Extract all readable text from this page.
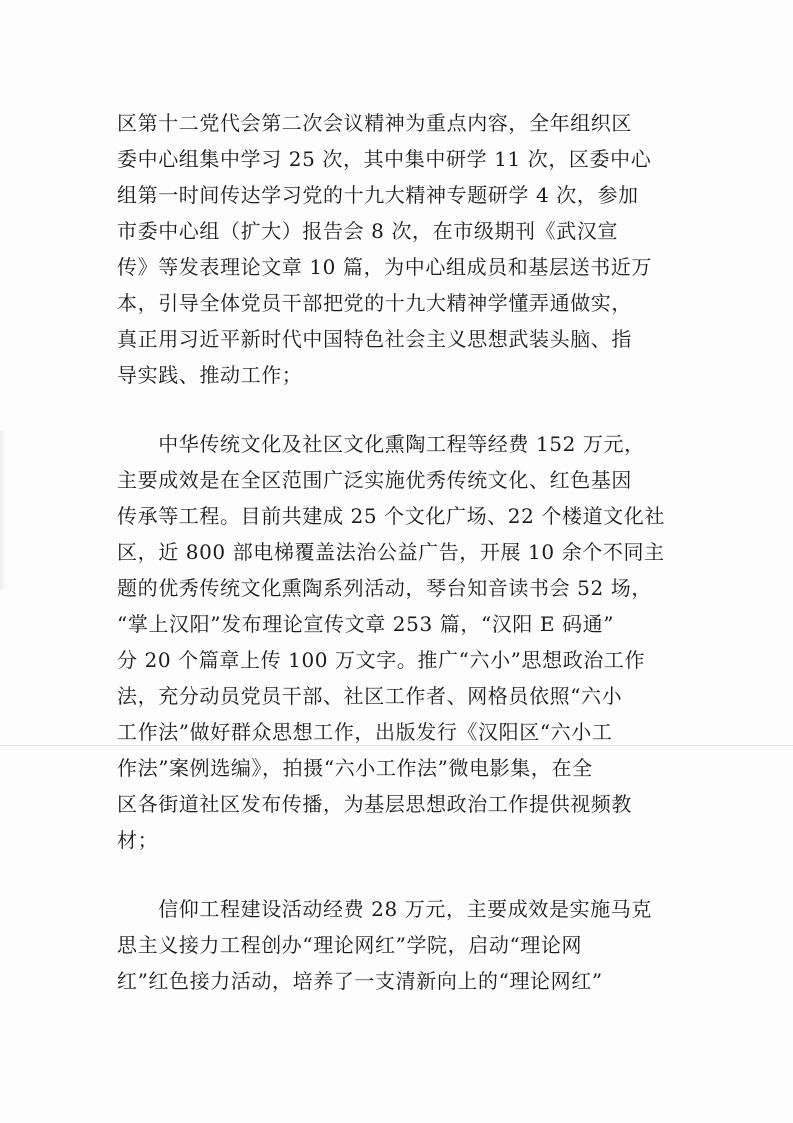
区第十二党代会第二次会议精神为重点内容，全年组织区
委中心组集中学习 25 次，其中集中研学 11 次，区委中心
组第一时间传达学习党的十九大精神专题研学 4 次，参加
市委中心组（扩大）报告会 8 次，在市级期刊《武汉宣
传》等发表理论文章 10 篇，为中心组成员和基层送书近万
本，引导全体党员干部把党的十九大精神学懂弄通做实，
真正用习近平新时代中国特色社会主义思想武装头脑、指
导实践、推动工作；
　　中华传统文化及社区文化熏陶工程等经费 152 万元，
主要成效是在全区范围广泛实施优秀传统文化、红色基因
传承等工程。目前共建成 25 个文化广场、22 个楼道文化社
区，近 800 部电梯覆盖法治公益广告，开展 10 余个不同主
题的优秀传统文化熏陶系列活动，琴台知音读书会 52 场，
“掌上汉阳”发布理论宣传文章 253 篇，“汉阳 E 码通”
分 20 个篇章上传 100 万文字。推广“六小”思想政治工作
法，充分动员党员干部、社区工作者、网格员依照“六小
工作法”做好群众思想工作，出版发行《汉阳区“六小工
作法”案例选编》，拍摄“六小工作法”微电影集，在全
区各街道社区发布传播，为基层思想政治工作提供视频教
材；
　　信仰工程建设活动经费 28 万元，主要成效是实施马克
思主义接力工程创办“理论网红”学院，启动“理论网
红”红色接力活动，培养了一支清新向上的“理论网红”
